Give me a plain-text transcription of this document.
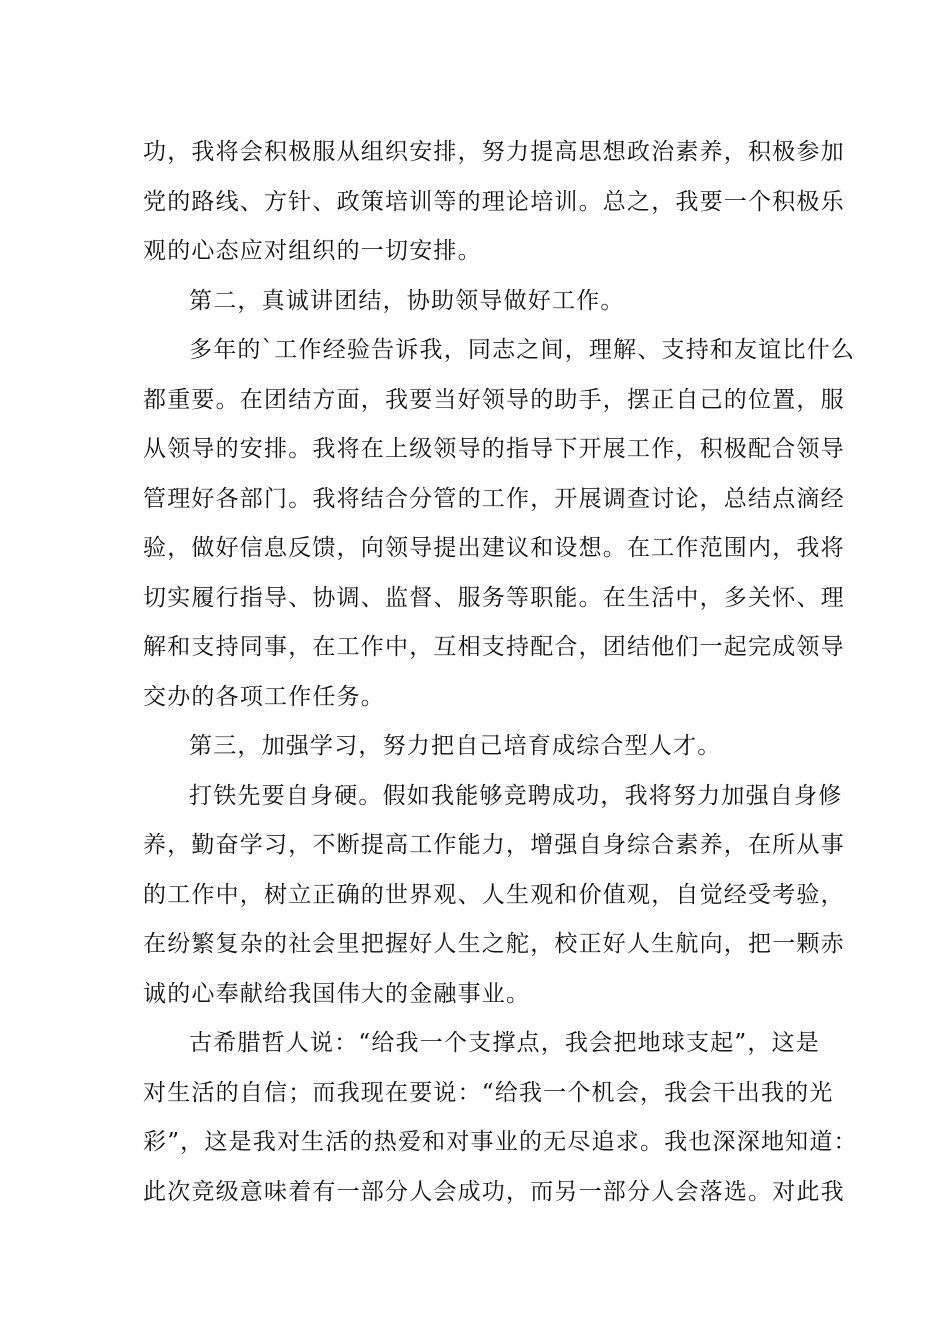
功，我将会积极服从组织安排，努力提高思想政治素养，积极参加
党的路线、方针、政策培训等的理论培训。总之，我要一个积极乐
观的心态应对组织的一切安排。
第二，真诚讲团结，协助领导做好工作。
多年的`工作经验告诉我，同志之间，理解、支持和友谊比什么
都重要。在团结方面，我要当好领导的助手，摆正自己的位置，服
从领导的安排。我将在上级领导的指导下开展工作，积极配合领导
管理好各部门。我将结合分管的工作，开展调查讨论，总结点滴经
验，做好信息反馈，向领导提出建议和设想。在工作范围内，我将
切实履行指导、协调、监督、服务等职能。在生活中，多关怀、理
解和支持同事，在工作中，互相支持配合，团结他们一起完成领导
交办的各项工作任务。
第三，加强学习，努力把自己培育成综合型人才。
打铁先要自身硬。假如我能够竞聘成功，我将努力加强自身修
养，勤奋学习，不断提高工作能力，增强自身综合素养，在所从事
的工作中，树立正确的世界观、人生观和价值观，自觉经受考验，
在纷繁复杂的社会里把握好人生之舵，校正好人生航向，把一颗赤
诚的心奉献给我国伟大的金融事业。
古希腊哲人说：“给我一个支撑点，我会把地球支起”，这是
对生活的自信；而我现在要说：“给我一个机会，我会干出我的光
彩”，这是我对生活的热爱和对事业的无尽追求。我也深深地知道：
此次竞级意味着有一部分人会成功，而另一部分人会落选。对此我
